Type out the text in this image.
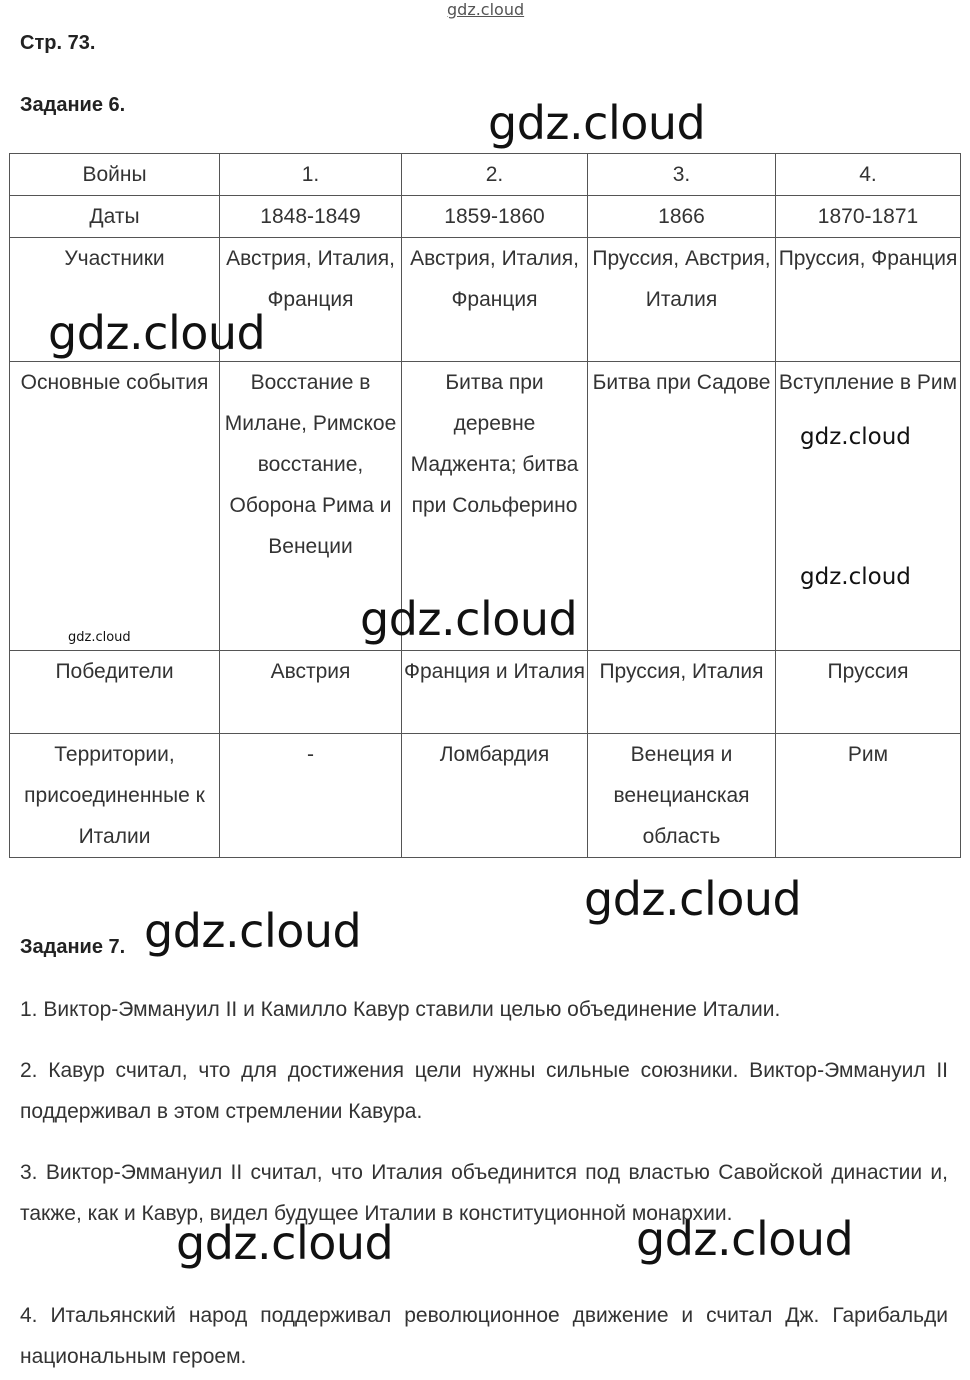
Стр. 73.
Задание 6.
Войны	1.	2.	3.	4.
Даты	1848-1849	1859-1860	1866	1870-1871
Участники	Австрия, Италия, Франция	Австрия, Италия, Франция	Пруссия, Австрия, Италия	Пруссия, Франция
Основные события	Восстание в Милане, Римское восстание, Оборона Рима и Венеции	Битва при деревне Маджента; битва при Сольферино	Битва при Садове	Вступление в Рим
Победители	Австрия	Франция и Италия	Пруссия, Италия	Пруссия
Территории, присоединенные к Италии	-	Ломбардия	Венеция и венецианская область	Рим
Задание 7.

1. Виктор-Эммануил II и Камилло Кавур ставили целью объединение Италии.

2. Кавур считал, что для достижения цели нужны сильные союзники. Виктор-Эммануил II поддерживал в этом стремлении Кавура.

3. Виктор-Эммануил II считал, что Италия объединится под властью Савойской династии и, также, как и Кавур, видел будущее Италии в конституционной монархии.

4. Итальянский народ поддерживал революционное движение и считал Дж. Гарибальди национальным героем.

gdz.cloud
gdz.cloud
gdz.cloud
gdz.cloud
gdz.cloud
gdz.cloud
gdz.cloud
gdz.cloud
gdz.cloud
gdz.cloud
gdz.cloud
